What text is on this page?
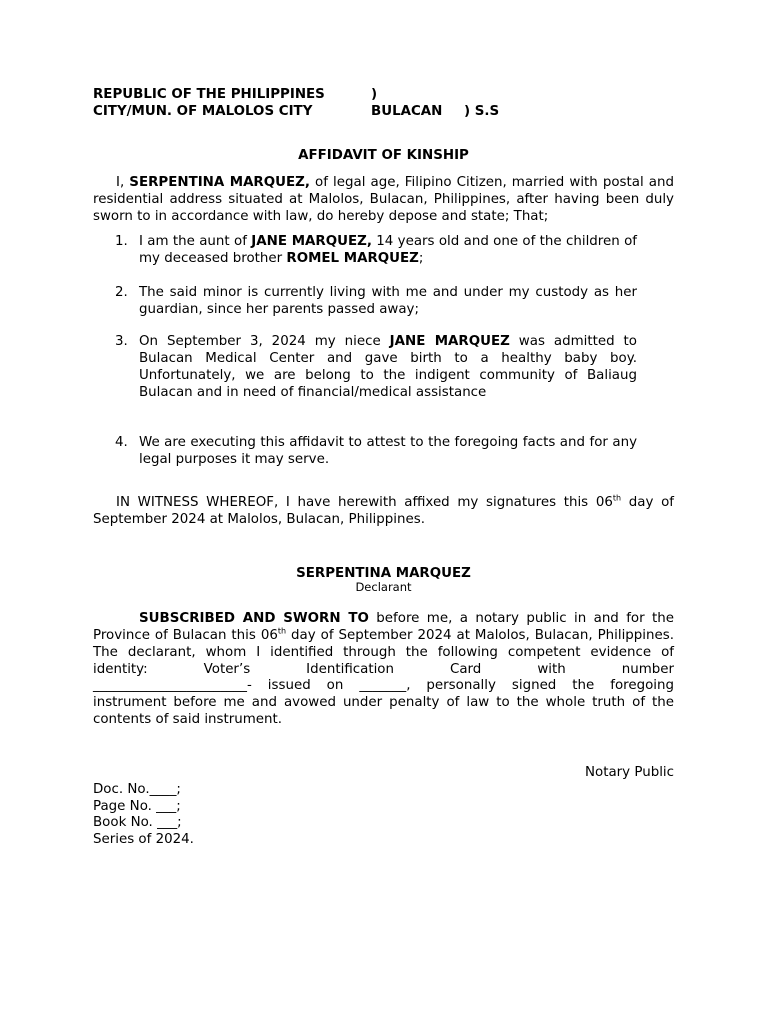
REPUBLIC OF THE PHILIPPINES	)
CITY/MUN. OF MALOLOS CITY	BULACAN ) S.S
AFFIDAVIT OF KINSHIP
I, SERPENTINA MARQUEZ, of legal age, Filipino Citizen, married with postal and residential address situated at Malolos, Bulacan, Philippines, after having been duly sworn to in accordance with law, do hereby depose and state; That;
1. I am the aunt of JANE MARQUEZ, 14 years old and one of the children of my deceased brother ROMEL MARQUEZ;
2. The said minor is currently living with me and under my custody as her guardian, since her parents passed away;
3. On September 3, 2024 my niece JANE MARQUEZ was admitted to Bulacan Medical Center and gave birth to a healthy baby boy. Unfortunately, we are belong to the indigent community of Baliaug Bulacan and in need of financial/medical assistance
4. We are executing this affidavit to attest to the foregoing facts and for any legal purposes it may serve.
IN WITNESS WHEREOF, I have herewith affixed my signatures this 06th day of September 2024 at Malolos, Bulacan, Philippines.
SERPENTINA MARQUEZ
Declarant
SUBSCRIBED AND SWORN TO before me, a notary public in and for the Province of Bulacan this 06th day of September 2024 at Malolos, Bulacan, Philippines. The declarant, whom I identified through the following competent evidence of identity: Voter’s Identification Card with number
_______________________- issued on _______, personally signed the foregoing
instrument before me and avowed under penalty of law to the whole truth of the contents of said instrument.
Notary Public
Doc. No.____;
Page No. ___;
Book No. ___;
Series of 2024.
